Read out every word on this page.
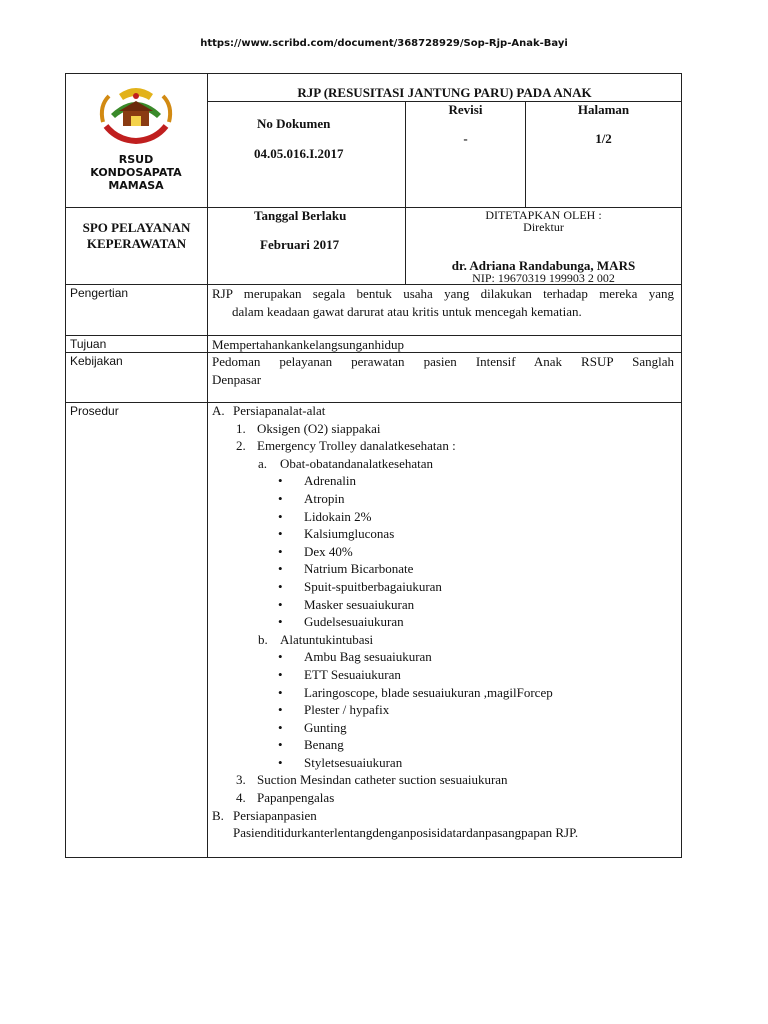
https://www.scribd.com/document/368728929/Sop-Rjp-Anak-Bayi
RSUD
KONDOSAPATA
MAMASA
RJP (RESUSITASI JANTUNG PARU) PADA ANAK
No Dokumen
04.05.016.I.2017
Revisi
-
Halaman
1/2
SPO PELAYANAN
KEPERAWATAN
Tanggal Berlaku
Februari 2017
DITETAPKAN OLEH :
Direktur
dr. Adriana Randabunga, MARS
NIP: 19670319 199903 2 002
Pengertian
Tujuan
Kebijakan
Prosedur
RJP merupakan segala bentuk usaha yang dilakukan terhadap mereka yang
dalam keadaan gawat darurat atau kritis untuk mencegah kematian.
Mempertahankankelangsunganhidup
Pedoman pelayanan perawatan pasien Intensif Anak RSUP Sanglah
Denpasar
A. Persiapanalat-alat
1. Oksigen (O2) siappakai
2. Emergency Trolley danalatkesehatan :
a. Obat-obatandanalatkesehatan
• Adrenalin
• Atropin
• Lidokain 2%
• Kalsiumgluconas
• Dex 40%
• Natrium Bicarbonate
• Spuit-spuitberbagaiukuran
• Masker sesuaiukuran
• Gudelsesuaiukuran
b. Alatuntukintubasi
• Ambu Bag sesuaiukuran
• ETT Sesuaiukuran
• Laringoscope, blade sesuaiukuran ,magilForcep
• Plester / hypafix
• Gunting
• Benang
• Styletsesuaiukuran
3. Suction Mesindan catheter suction sesuaiukuran
4. Papanpengalas
B. Persiapanpasien
Pasienditidurkanterlentangdenganposisidatardanpasangpapan RJP.
